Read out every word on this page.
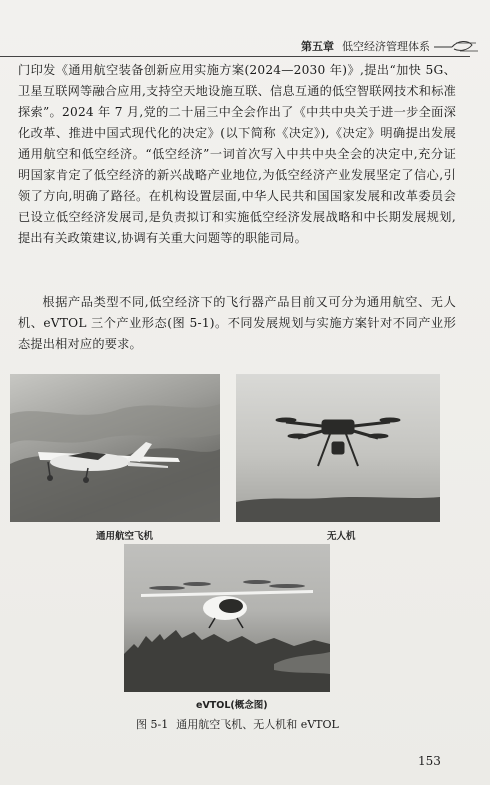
第五章 低空经济管理体系

门印发《通用航空装备创新应用实施方案(2024—2030 年)》,提出“加快 5G、卫星互联网等融合应用,支持空天地设施互联、信息互通的低空智联网技术和标准探索”。2024 年 7 月,党的二十届三中全会作出了《中共中央关于进一步全面深化改革、推进中国式现代化的决定》(以下简称《决定》),《决定》明确提出发展通用航空和低空经济。“低空经济”一词首次写入中共中央全会的决定中,充分证明国家肯定了低空经济的新兴战略产业地位,为低空经济产业发展坚定了信心,引领了方向,明确了路径。在机构设置层面,中华人民共和国国家发展和改革委员会已设立低空经济发展司,是负责拟订和实施低空经济发展战略和中长期发展规划,提出有关政策建议,协调有关重大问题等的职能司局。

根据产品类型不同,低空经济下的飞行器产品目前又可分为通用航空、无人机、eVTOL 三个产业形态(图 5-1)。不同发展规划与实施方案针对不同产业形态提出相对应的要求。

通用航空飞机	无人机
eVTOL(概念图)
图 5-1 通用航空飞机、无人机和 eVTOL
153
